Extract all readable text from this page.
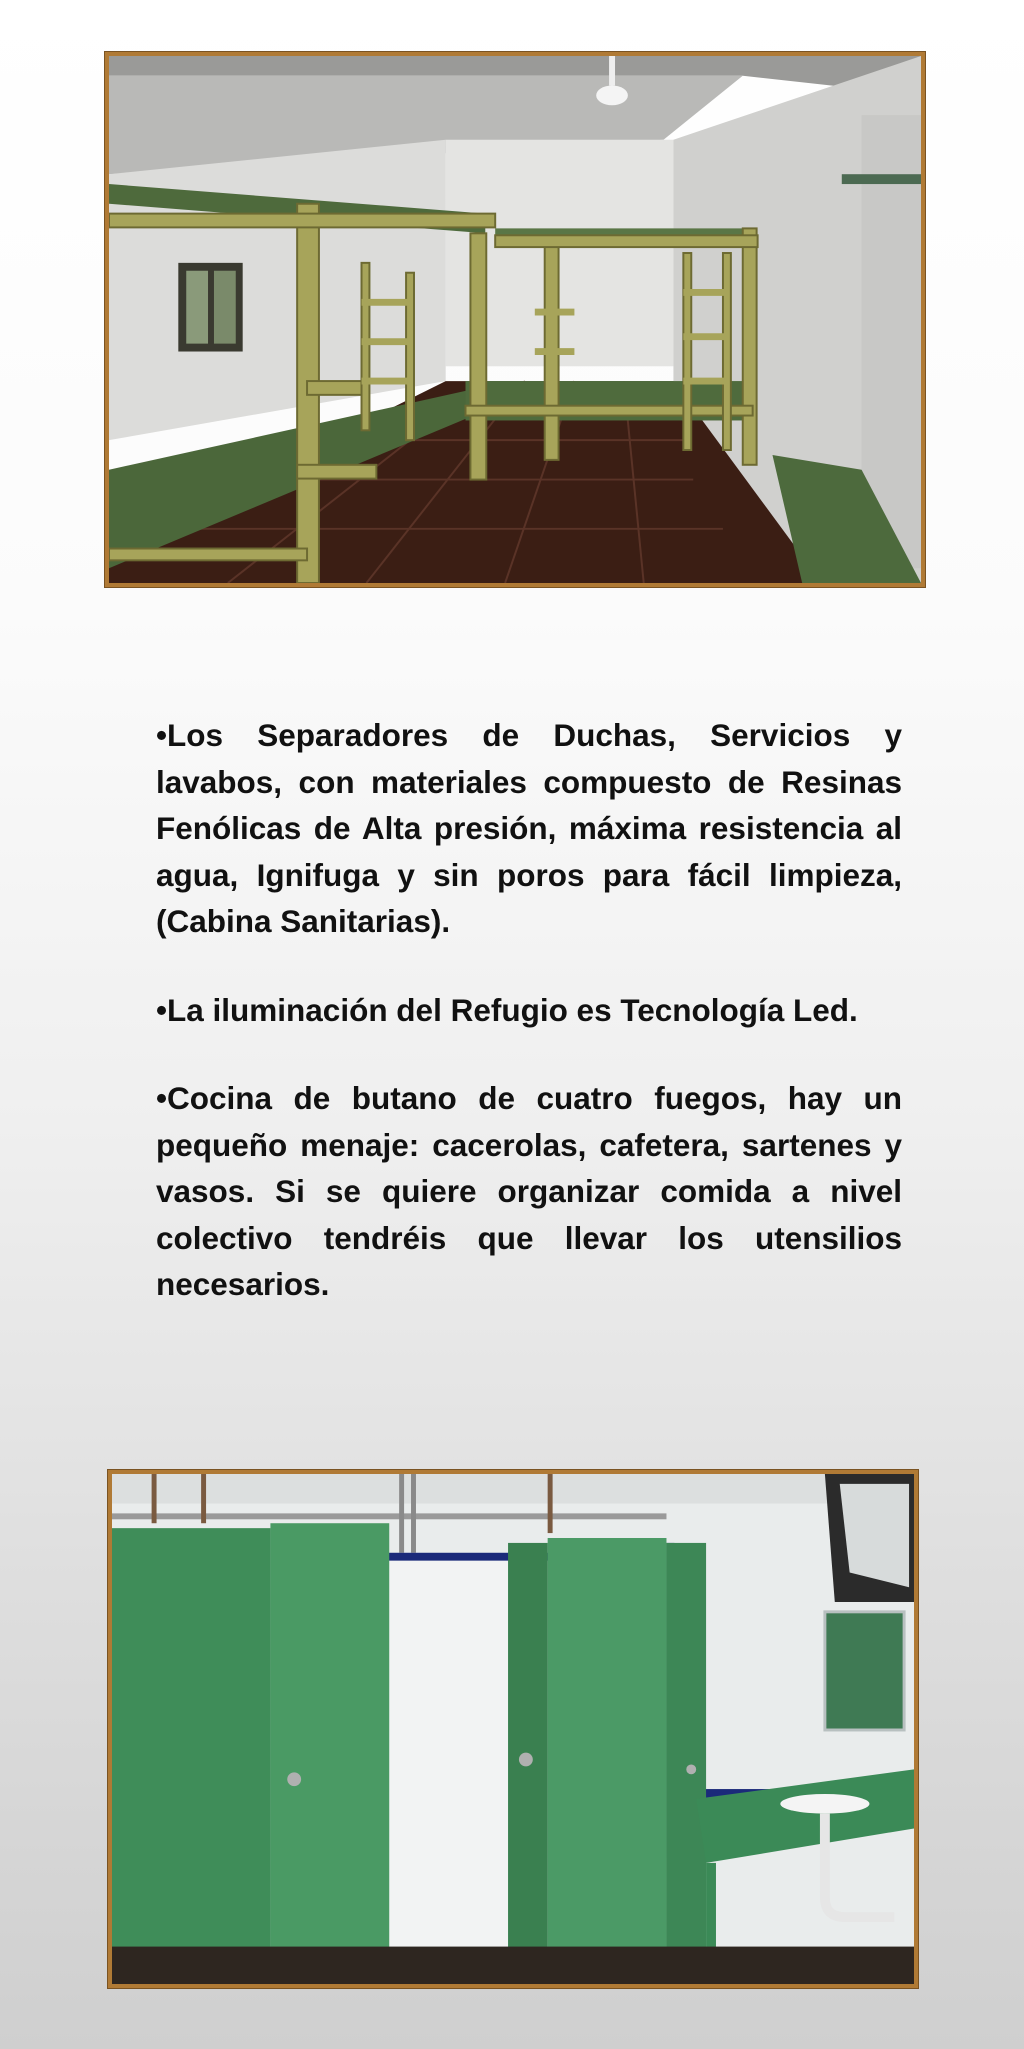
•Los Separadores de Duchas, Servicios y lavabos, con materiales compuesto de Resinas Fenólicas de Alta presión, máxima resistencia al agua, Ignifuga y sin poros para fácil limpieza, (Cabina Sanitarias).

•La iluminación del Refugio es Tecnología Led.

•Cocina de butano de cuatro fuegos, hay un pequeño menaje: cacerolas, cafetera, sartenes y vasos. Si se quiere organizar comida a nivel colectivo tendréis que llevar los utensilios necesarios.
